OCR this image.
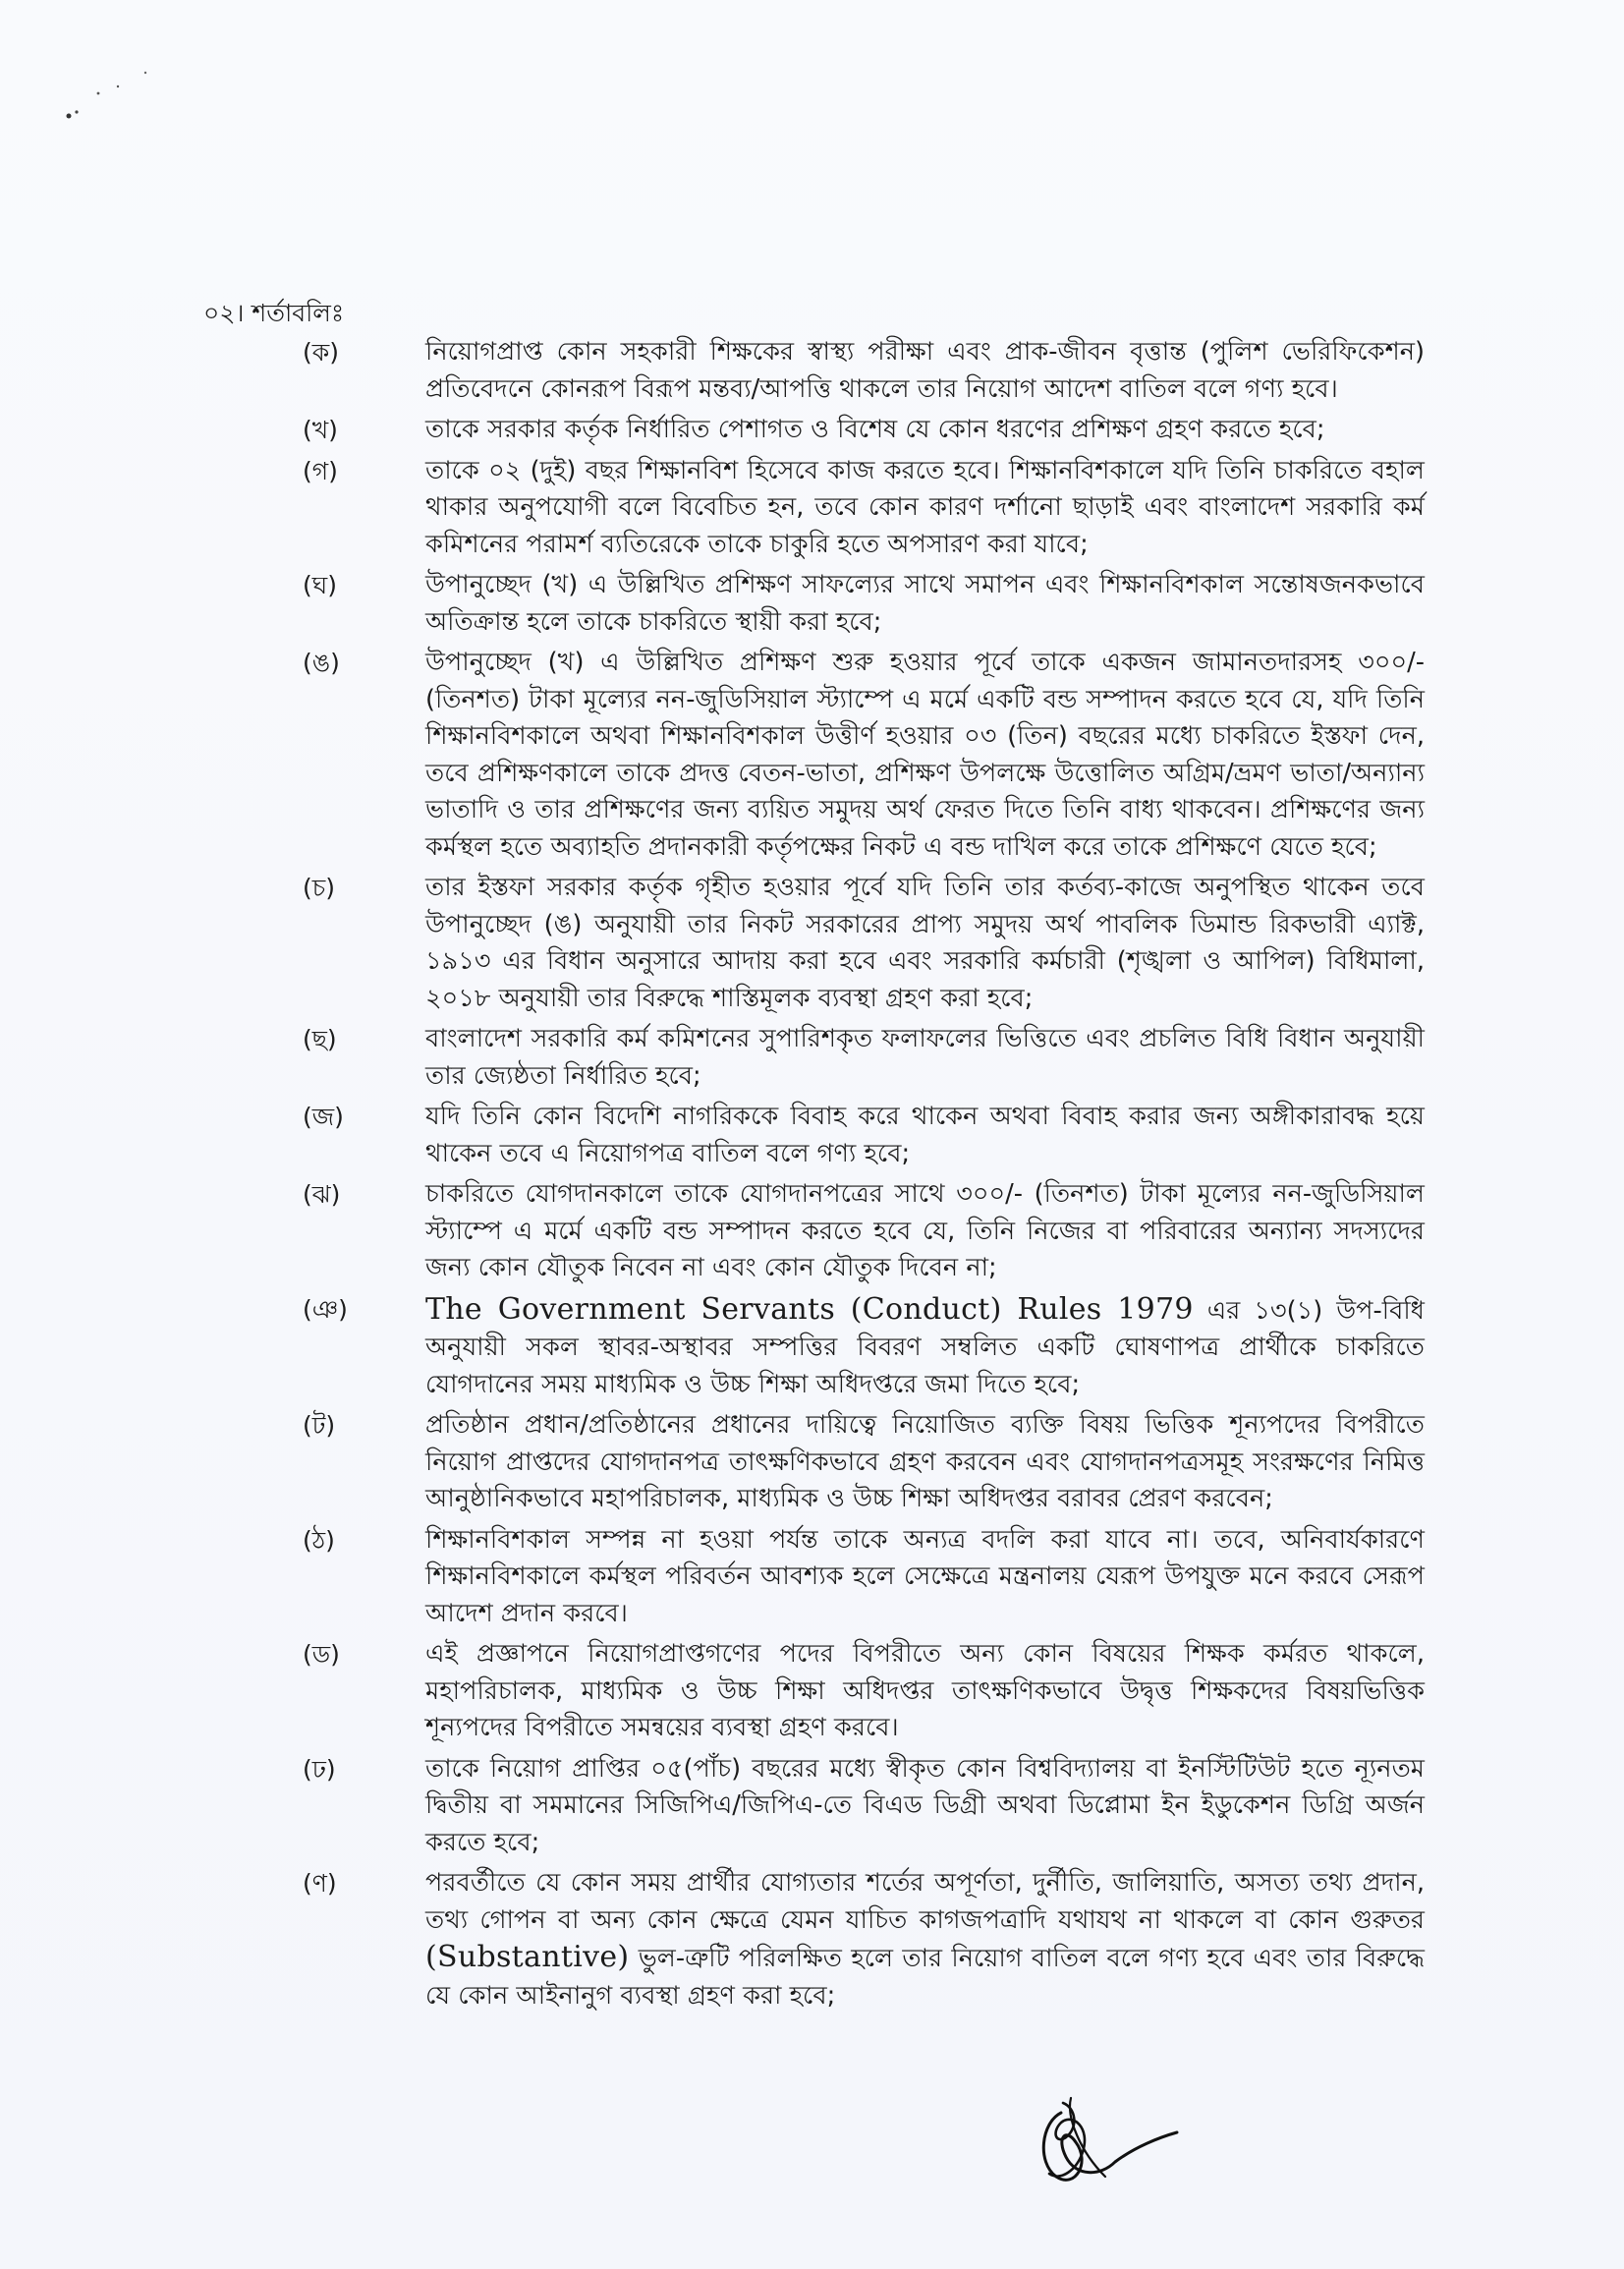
০২। শর্তাবলিঃ
(ক)	নিয়োগপ্রাপ্ত কোন সহকারী শিক্ষকের স্বাস্থ্য পরীক্ষা এবং প্রাক-জীবন বৃত্তান্ত (পুলিশ ভেরিফিকেশন) প্রতিবেদনে কোনরূপ বিরূপ মন্তব্য/আপত্তি থাকলে তার নিয়োগ আদেশ বাতিল বলে গণ্য হবে।
(খ)	তাকে সরকার কর্তৃক নির্ধারিত পেশাগত ও বিশেষ যে কোন ধরণের প্রশিক্ষণ গ্রহণ করতে হবে;
(গ)	তাকে ০২ (দুই) বছর শিক্ষানবিশ হিসেবে কাজ করতে হবে। শিক্ষানবিশকালে যদি তিনি চাকরিতে বহাল থাকার অনুপযোগী বলে বিবেচিত হন, তবে কোন কারণ দর্শানো ছাড়াই এবং বাংলাদেশ সরকারি কর্ম কমিশনের পরামর্শ ব্যতিরেকে তাকে চাকুরি হতে অপসারণ করা যাবে;
(ঘ)	উপানুচ্ছেদ (খ) এ উল্লিখিত প্রশিক্ষণ সাফল্যের সাথে সমাপন এবং শিক্ষানবিশকাল সন্তোষজনকভাবে অতিক্রান্ত হলে তাকে চাকরিতে স্থায়ী করা হবে;
(ঙ)	উপানুচ্ছেদ (খ) এ উল্লিখিত প্রশিক্ষণ শুরু হওয়ার পূর্বে তাকে একজন জামানতদারসহ ৩০০/- (তিনশত) টাকা মূল্যের নন-জুডিসিয়াল স্ট্যাম্পে এ মর্মে একটি বন্ড সম্পাদন করতে হবে যে, যদি তিনি শিক্ষানবিশকালে অথবা শিক্ষানবিশকাল উত্তীর্ণ হওয়ার ০৩ (তিন) বছরের মধ্যে চাকরিতে ইস্তফা দেন, তবে প্রশিক্ষণকালে তাকে প্রদত্ত বেতন-ভাতা, প্রশিক্ষণ উপলক্ষে উত্তোলিত অগ্রিম/ভ্রমণ ভাতা/অন্যান্য ভাতাদি ও তার প্রশিক্ষণের জন্য ব্যয়িত সমুদয় অর্থ ফেরত দিতে তিনি বাধ্য থাকবেন। প্রশিক্ষণের জন্য কর্মস্থল হতে অব্যাহতি প্রদানকারী কর্তৃপক্ষের নিকট এ বন্ড দাখিল করে তাকে প্রশিক্ষণে যেতে হবে;
(চ)	তার ইস্তফা সরকার কর্তৃক গৃহীত হওয়ার পূর্বে যদি তিনি তার কর্তব্য-কাজে অনুপস্থিত থাকেন তবে উপানুচ্ছেদ (ঙ) অনুযায়ী তার নিকট সরকারের প্রাপ্য সমুদয় অর্থ পাবলিক ডিমান্ড রিকভারী এ্যাক্ট, ১৯১৩ এর বিধান অনুসারে আদায় করা হবে এবং সরকারি কর্মচারী (শৃঙ্খলা ও আপিল) বিধিমালা, ২০১৮ অনুযায়ী তার বিরুদ্ধে শাস্তিমূলক ব্যবস্থা গ্রহণ করা হবে;
(ছ)	বাংলাদেশ সরকারি কর্ম কমিশনের সুপারিশকৃত ফলাফলের ভিত্তিতে এবং প্রচলিত বিধি বিধান অনুযায়ী তার জ্যেষ্ঠতা নির্ধারিত হবে;
(জ)	যদি তিনি কোন বিদেশি নাগরিককে বিবাহ করে থাকেন অথবা বিবাহ করার জন্য অঙ্গীকারাবদ্ধ হয়ে থাকেন তবে এ নিয়োগপত্র বাতিল বলে গণ্য হবে;
(ঝ)	চাকরিতে যোগদানকালে তাকে যোগদানপত্রের সাথে ৩০০/- (তিনশত) টাকা মূল্যের নন-জুডিসিয়াল স্ট্যাম্পে এ মর্মে একটি বন্ড সম্পাদন করতে হবে যে, তিনি নিজের বা পরিবারের অন্যান্য সদস্যদের জন্য কোন যৌতুক নিবেন না এবং কোন যৌতুক দিবেন না;
(ঞ)	The Government Servants (Conduct) Rules 1979 এর ১৩(১) উপ-বিধি অনুযায়ী সকল স্থাবর-অস্থাবর সম্পত্তির বিবরণ সম্বলিত একটি ঘোষণাপত্র প্রার্থীকে চাকরিতে যোগদানের সময় মাধ্যমিক ও উচ্চ শিক্ষা অধিদপ্তরে জমা দিতে হবে;
(ট)	প্রতিষ্ঠান প্রধান/প্রতিষ্ঠানের প্রধানের দায়িত্বে নিয়োজিত ব্যক্তি বিষয় ভিত্তিক শূন্যপদের বিপরীতে নিয়োগ প্রাপ্তদের যোগদানপত্র তাৎক্ষণিকভাবে গ্রহণ করবেন এবং যোগদানপত্রসমূহ সংরক্ষণের নিমিত্ত আনুষ্ঠানিকভাবে মহাপরিচালক, মাধ্যমিক ও উচ্চ শিক্ষা অধিদপ্তর বরাবর প্রেরণ করবেন;
(ঠ)	শিক্ষানবিশকাল সম্পন্ন না হওয়া পর্যন্ত তাকে অন্যত্র বদলি করা যাবে না। তবে, অনিবার্যকারণে শিক্ষানবিশকালে কর্মস্থল পরিবর্তন আবশ্যক হলে সেক্ষেত্রে মন্ত্রনালয় যেরূপ উপযুক্ত মনে করবে সেরূপ আদেশ প্রদান করবে।
(ড)	এই প্রজ্ঞাপনে নিয়োগপ্রাপ্তগণের পদের বিপরীতে অন্য কোন বিষয়ের শিক্ষক কর্মরত থাকলে, মহাপরিচালক, মাধ্যমিক ও উচ্চ শিক্ষা অধিদপ্তর তাৎক্ষণিকভাবে উদ্বৃত্ত শিক্ষকদের বিষয়ভিত্তিক শূন্যপদের বিপরীতে সমন্বয়ের ব্যবস্থা গ্রহণ করবে।
(ঢ)	তাকে নিয়োগ প্রাপ্তির ০৫(পাঁচ) বছরের মধ্যে স্বীকৃত কোন বিশ্ববিদ্যালয় বা ইনস্টিটিউট হতে ন্যূনতম দ্বিতীয় বা সমমানের সিজিপিএ/জিপিএ-তে বিএড ডিগ্রী অথবা ডিপ্লোমা ইন ইডুকেশন ডিগ্রি অর্জন করতে হবে;
(ণ)	পরবর্তীতে যে কোন সময় প্রার্থীর যোগ্যতার শর্তের অপূর্ণতা, দুর্নীতি, জালিয়াতি, অসত্য তথ্য প্রদান, তথ্য গোপন বা অন্য কোন ক্ষেত্রে যেমন যাচিত কাগজপত্রাদি যথাযথ না থাকলে বা কোন গুরুতর (Substantive) ভুল-ত্রুটি পরিলক্ষিত হলে তার নিয়োগ বাতিল বলে গণ্য হবে এবং তার বিরুদ্ধে যে কোন আইনানুগ ব্যবস্থা গ্রহণ করা হবে;
